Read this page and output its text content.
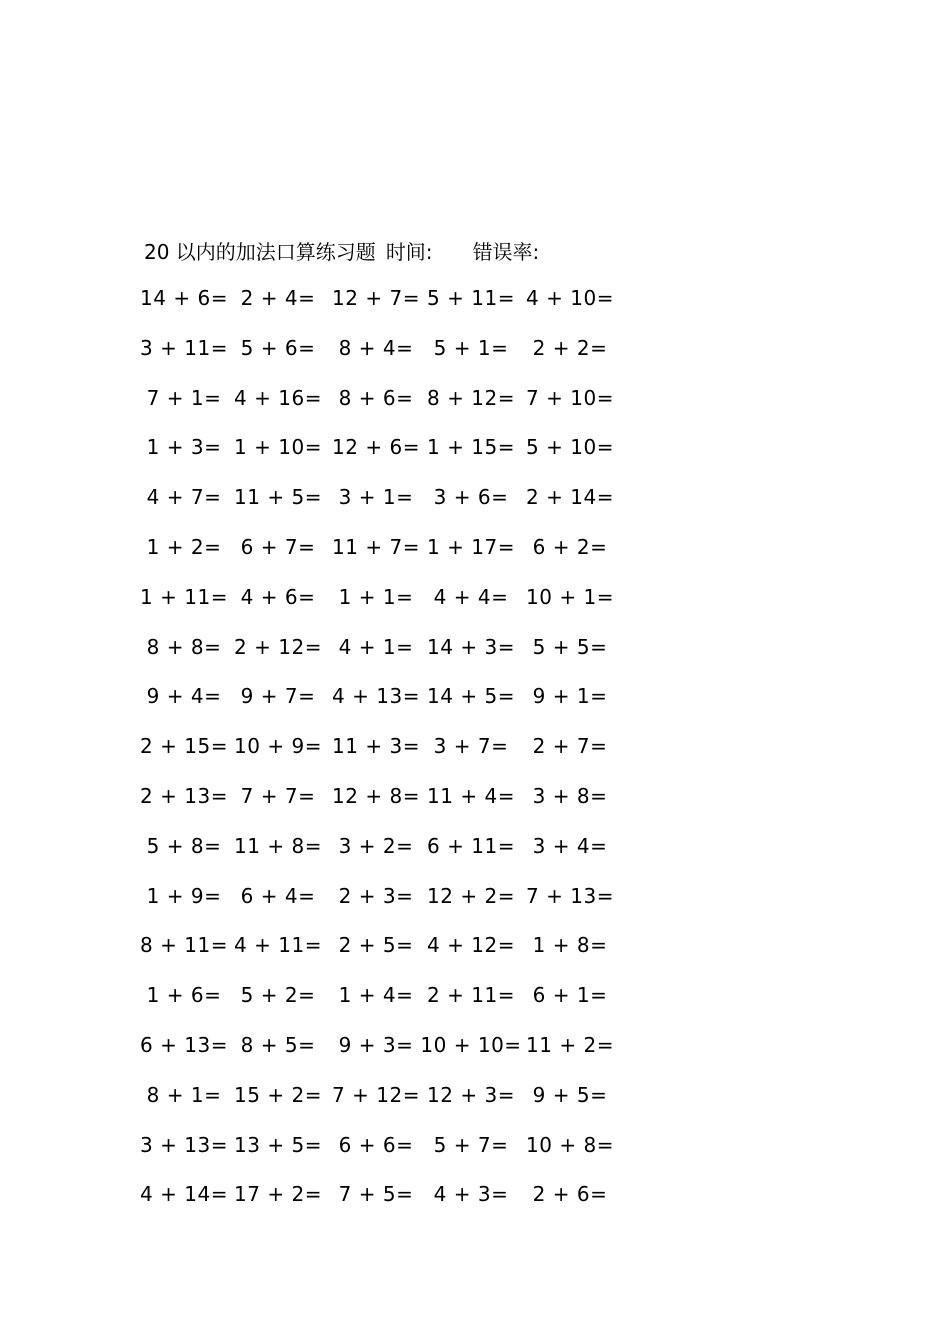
20 以内的加法口算练习题 时间: 错误率:
14 + 6= 2 + 4= 12 + 7= 5 + 11= 4 + 10=
3 + 11= 5 + 6= 8 + 4= 5 + 1= 2 + 2=
7 + 1= 4 + 16= 8 + 6= 8 + 12= 7 + 10=
1 + 3= 1 + 10= 12 + 6= 1 + 15= 5 + 10=
4 + 7= 11 + 5= 3 + 1= 3 + 6= 2 + 14=
1 + 2= 6 + 7= 11 + 7= 1 + 17= 6 + 2=
1 + 11= 4 + 6= 1 + 1= 4 + 4= 10 + 1=
8 + 8= 2 + 12= 4 + 1= 14 + 3= 5 + 5=
9 + 4= 9 + 7= 4 + 13= 14 + 5= 9 + 1=
2 + 15= 10 + 9= 11 + 3= 3 + 7= 2 + 7=
2 + 13= 7 + 7= 12 + 8= 11 + 4= 3 + 8=
5 + 8= 11 + 8= 3 + 2= 6 + 11= 3 + 4=
1 + 9= 6 + 4= 2 + 3= 12 + 2= 7 + 13=
8 + 11= 4 + 11= 2 + 5= 4 + 12= 1 + 8=
1 + 6= 5 + 2= 1 + 4= 2 + 11= 6 + 1=
6 + 13= 8 + 5= 9 + 3= 10 + 10= 11 + 2=
8 + 1= 15 + 2= 7 + 12= 12 + 3= 9 + 5=
3 + 13= 13 + 5= 6 + 6= 5 + 7= 10 + 8=
4 + 14= 17 + 2= 7 + 5= 4 + 3= 2 + 6=
